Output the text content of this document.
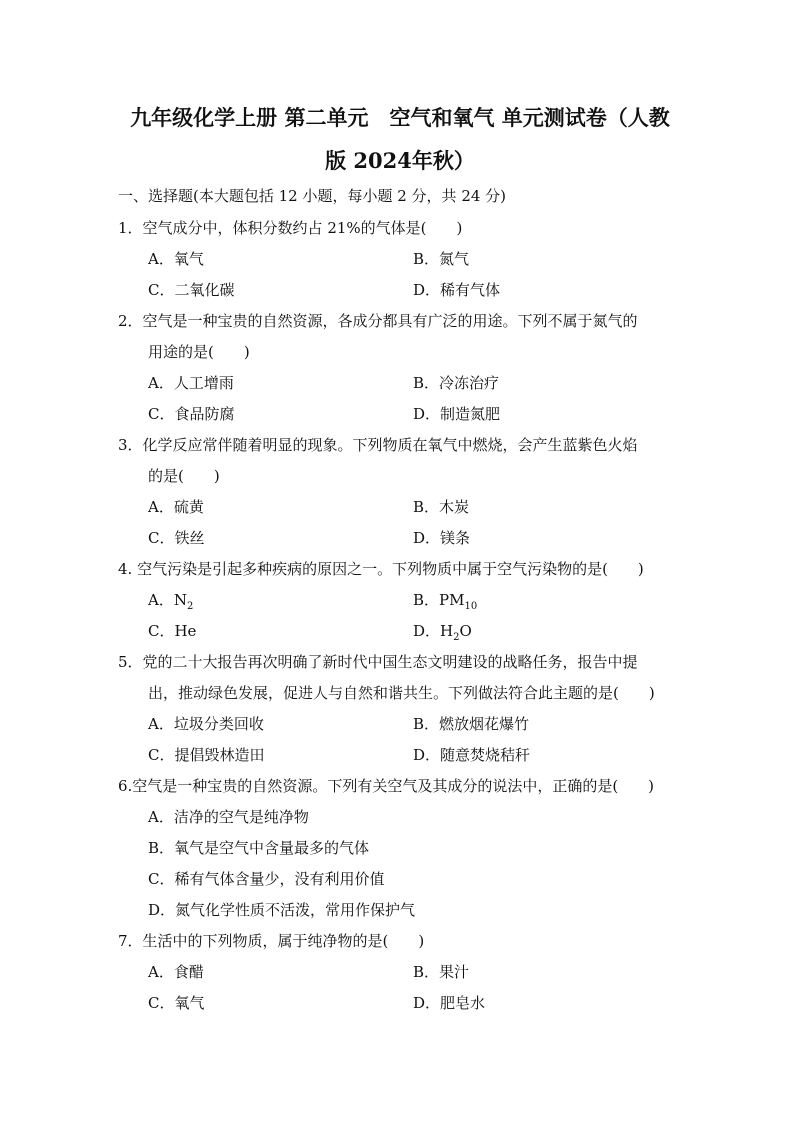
九年级化学上册 第二单元　空气和氧气 单元测试卷（人教
版 2024年秋）
一、选择题(本大题包括 12 小题，每小题 2 分，共 24 分)
1．空气成分中，体积分数约占 21%的气体是(　　)
A．氧气	B．氮气
C．二氧化碳	D．稀有气体
2．空气是一种宝贵的自然资源，各成分都具有广泛的用途。下列不属于氮气的
用途的是(　　)
A．人工增雨	B．冷冻治疗
C．食品防腐	D．制造氮肥
3．化学反应常伴随着明显的现象。下列物质在氧气中燃烧，会产生蓝紫色火焰
的是(　　)
A．硫黄	B．木炭
C．铁丝	D．镁条
4. 空气污染是引起多种疾病的原因之一。下列物质中属于空气污染物的是(　　)
A．$N_2$	B．$PM_{10}$
C．He	D．$H_2O$
5．党的二十大报告再次明确了新时代中国生态文明建设的战略任务，报告中提
出，推动绿色发展，促进人与自然和谐共生。下列做法符合此主题的是(　　)
A．垃圾分类回收	B．燃放烟花爆竹
C．提倡毁林造田	D．随意焚烧秸秆
6.空气是一种宝贵的自然资源。下列有关空气及其成分的说法中，正确的是(　　)
A．洁净的空气是纯净物
B．氧气是空气中含量最多的气体
C．稀有气体含量少，没有利用价值
D．氮气化学性质不活泼，常用作保护气
7．生活中的下列物质，属于纯净物的是(　　)
A．食醋	B．果汁
C．氧气	D．肥皂水
